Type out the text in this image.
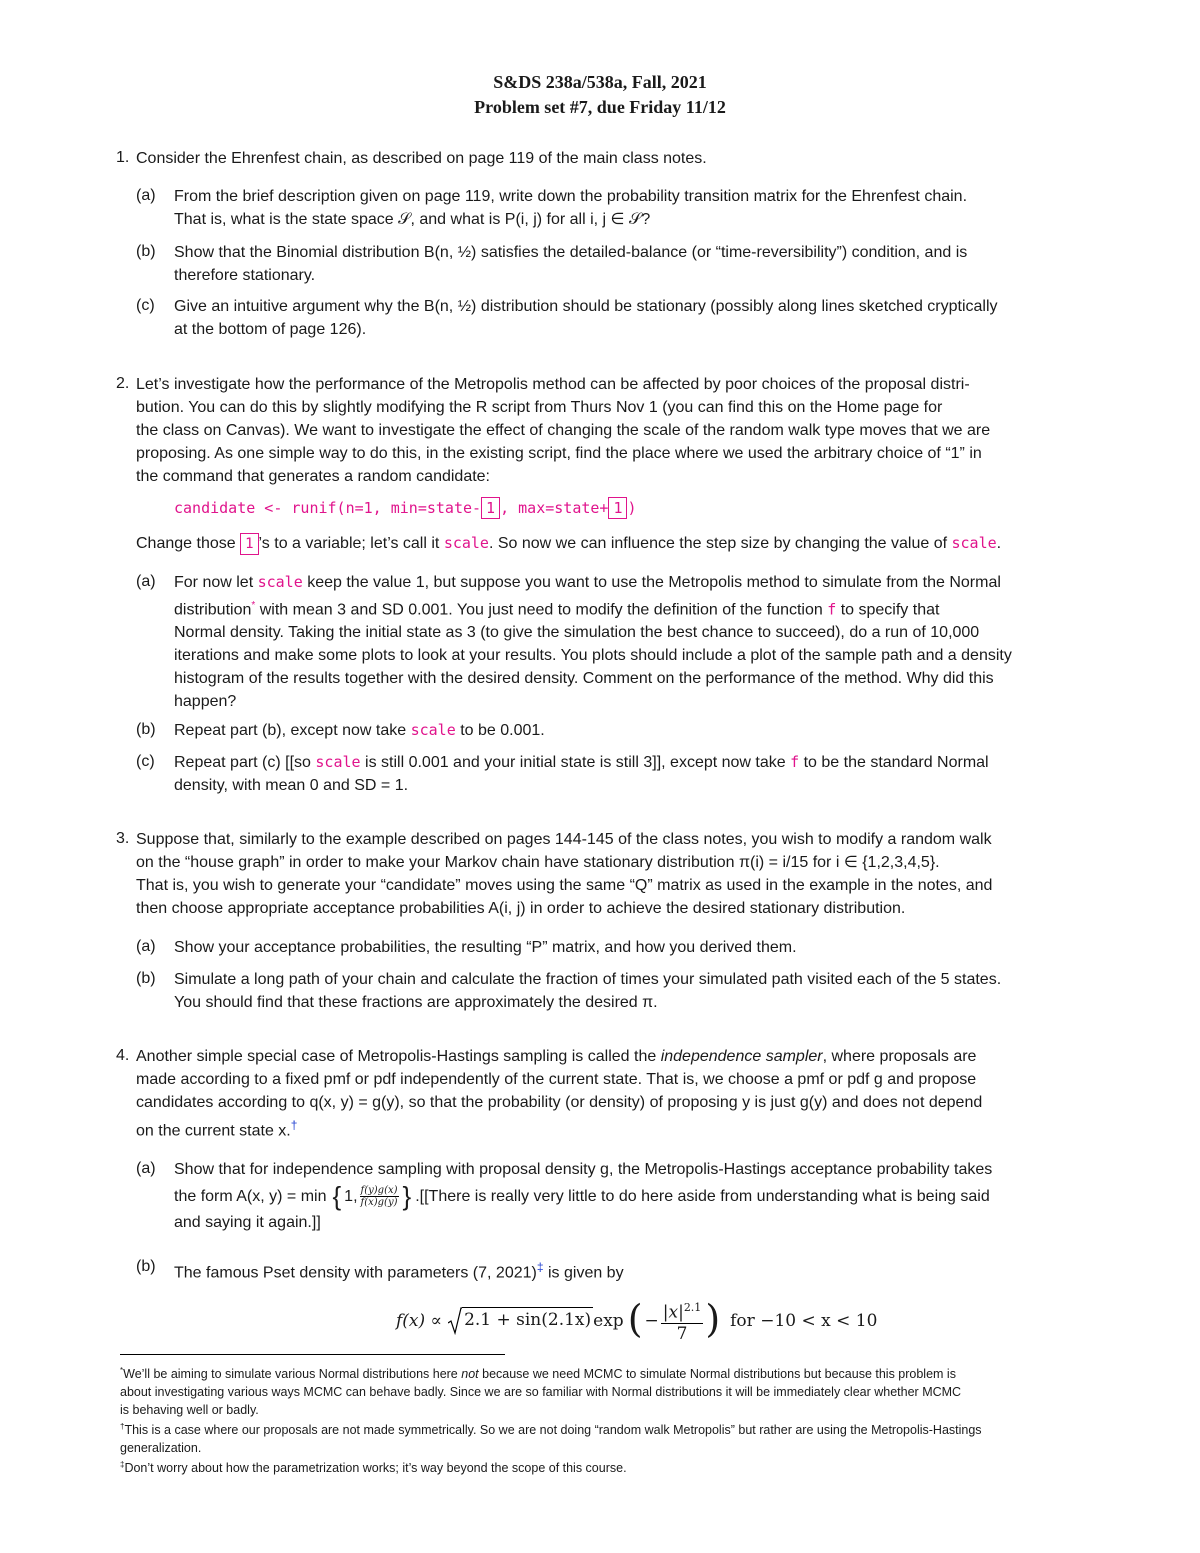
S&DS 238a/538a, Fall, 2021
Problem set #7, due Friday 11/12
1. Consider the Ehrenfest chain, as described on page 119 of the main class notes.
(a) From the brief description given on page 119, write down the probability transition matrix for the Ehrenfest chain.
That is, what is the state space 𝒮, and what is P(i, j) for all i, j ∈ 𝒮?
(b) Show that the Binomial distribution B(n, ½) satisfies the detailed-balance (or “time-reversibility”) condition, and is
therefore stationary.
(c) Give an intuitive argument why the B(n, ½) distribution should be stationary (possibly along lines sketched cryptically
at the bottom of page 126).
2. Let’s investigate how the performance of the Metropolis method can be affected by poor choices of the proposal distri-
bution. You can do this by slightly modifying the R script from Thurs Nov 1 (you can find this on the Home page for
the class on Canvas). We want to investigate the effect of changing the scale of the random walk type moves that we are
proposing. As one simple way to do this, in the existing script, find the place where we used the arbitrary choice of “1” in
the command that generates a random candidate:
candidate <- runif(n=1, min=state- 1 , max=state+ 1 )
Change those 1 ’s to a variable; let’s call it scale. So now we can influence the step size by changing the value of scale.
(a) For now let scale keep the value 1, but suppose you want to use the Metropolis method to simulate from the Normal
distribution* with mean 3 and SD 0.001. You just need to modify the definition of the function f to specify that
Normal density. Taking the initial state as 3 (to give the simulation the best chance to succeed), do a run of 10,000
iterations and make some plots to look at your results. You plots should include a plot of the sample path and a density
histogram of the results together with the desired density. Comment on the performance of the method. Why did this
happen?
(b) Repeat part (b), except now take scale to be 0.001.
(c) Repeat part (c) [[so scale is still 0.001 and your initial state is still 3]], except now take f to be the standard Normal
density, with mean 0 and SD = 1.
3. Suppose that, similarly to the example described on pages 144-145 of the class notes, you wish to modify a random walk
on the “house graph” in order to make your Markov chain have stationary distribution π(i) = i/15 for i ∈ {1,2,3,4,5}.
That is, you wish to generate your “candidate” moves using the same “Q” matrix as used in the example in the notes, and
then choose appropriate acceptance probabilities A(i, j) in order to achieve the desired stationary distribution.
(a) Show your acceptance probabilities, the resulting “P” matrix, and how you derived them.
(b) Simulate a long path of your chain and calculate the fraction of times your simulated path visited each of the 5 states.
You should find that these fractions are approximately the desired π.
4. Another simple special case of Metropolis-Hastings sampling is called the independence sampler, where proposals are
made according to a fixed pmf or pdf independently of the current state. That is, we choose a pmf or pdf g and propose
candidates according to q(x, y) = g(y), so that the probability (or density) of proposing y is just g(y) and does not depend
on the current state x.†
(a) Show that for independence sampling with proposal density g, the Metropolis-Hastings acceptance probability takes
the form A(x, y) = min { 1, $\frac{f(y)g(x)}{f(x)g(y)}$ } .[[There is really very little to do here aside from understanding what is being said
and saying it again.]]
(b) The famous Pset density with parameters (7, 2021)‡ is given by
f(x) ∝ 2.1 + sin(2.1x) exp ( − $\frac{|x|^{2.1}}{7}$ ) for −10 < x < 10
*We’ll be aiming to simulate various Normal distributions here not because we need MCMC to simulate Normal distributions but because this problem is
about investigating various ways MCMC can behave badly. Since we are so familiar with Normal distributions it will be immediately clear whether MCMC
is behaving well or badly.
†This is a case where our proposals are not made symmetrically. So we are not doing “random walk Metropolis” but rather are using the Metropolis-Hastings
generalization.
‡Don’t worry about how the parametrization works; it’s way beyond the scope of this course.
